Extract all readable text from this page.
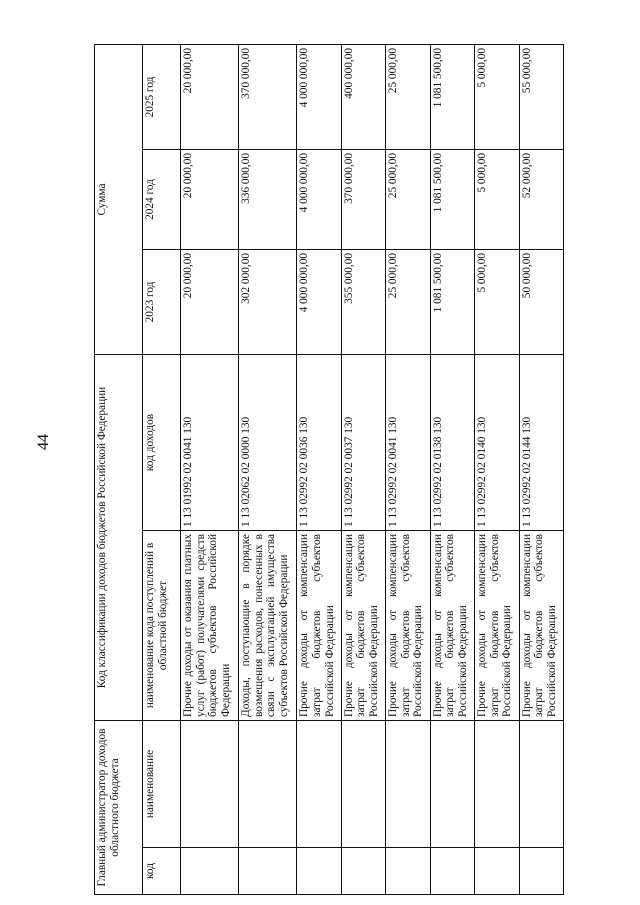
44
Главный администратор доходов областного бюджета		Код классификации доходов бюджетов Российской Федерации		Сумма		
код	наименование	наименование кода поступлений в областной бюджет	код доходов	2023 год	2024 год	2025 год
		Прочие доходы от оказания платных услуг (работ) получателями средств бюджетов субъектов Российской Федерации	1 13 01992 02 0041 130	20 000,00	20 000,00	20 000,00
		Доходы, поступающие в порядке возмещения расходов, понесенных в связи с эксплуатацией имущества субъектов Российской Федерации	1 13 02062 02 0000 130	302 000,00	336 000,00	370 000,00
		Прочие доходы от компенсации затрат бюджетов субъектов Российской Федерации	1 13 02992 02 0036 130	4 000 000,00	4 000 000,00	4 000 000,00
		Прочие доходы от компенсации затрат бюджетов субъектов Российской Федерации	1 13 02992 02 0037 130	355 000,00	370 000,00	400 000,00
		Прочие доходы от компенсации затрат бюджетов субъектов Российской Федерации	1 13 02992 02 0041 130	25 000,00	25 000,00	25 000,00
		Прочие доходы от компенсации затрат бюджетов субъектов Российской Федерации	1 13 02992 02 0138 130	1 081 500,00	1 081 500,00	1 081 500,00
		Прочие доходы от компенсации затрат бюджетов субъектов Российской Федерации	1 13 02992 02 0140 130	5 000,00	5 000,00	5 000,00
		Прочие доходы от компенсации затрат бюджетов субъектов Российской Федерации	1 13 02992 02 0144 130	50 000,00	52 000,00	55 000,00
